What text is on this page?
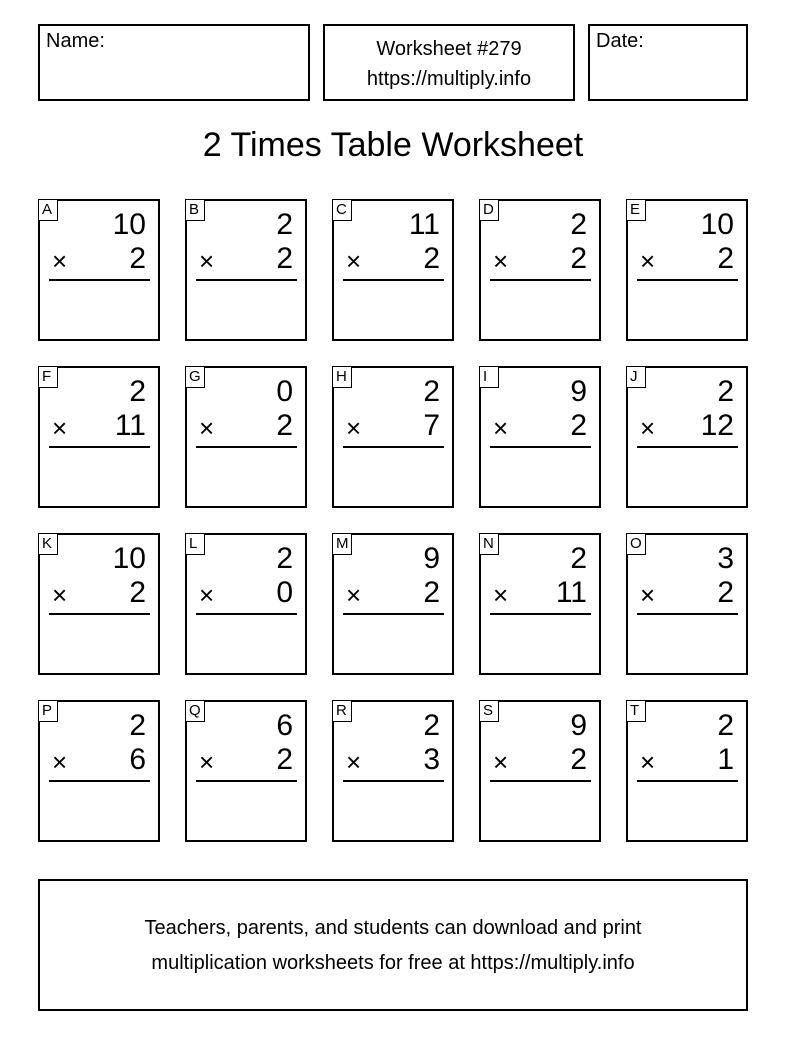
Name:	Worksheet #279
https://multiply.info
Date:
2 Times Table Worksheet
A 10
× 2
B	2
× 2
C 11
× 2
D	2
× 2
E 10
× 2
F	2
× 11
G	0
× 2
H	2
× 7
I	9
× 2
J	2
× 12
K 10
× 2
L	2
× 0
M 9
× 2
N	2
× 11
O	3
× 2
P	2
× 6
Q	6
× 2
R	2
× 3
S	9
× 2
T	2
× 1
Teachers, parents, and students can download and print
multiplication worksheets for free at https://multiply.info
